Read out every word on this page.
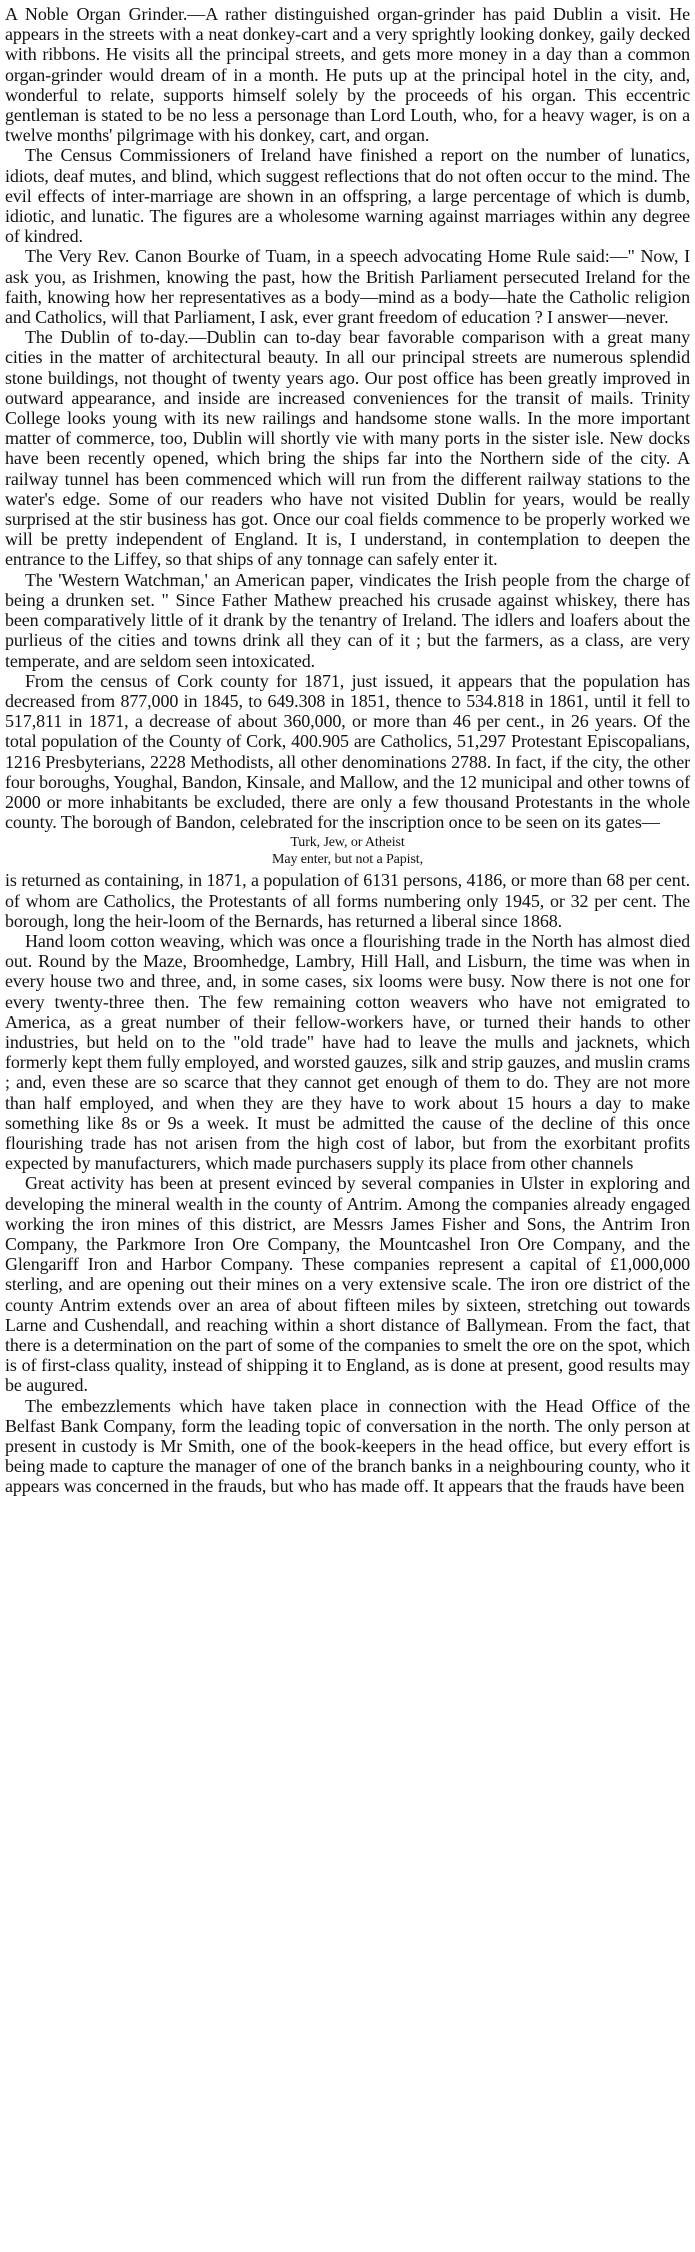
A Noble Organ Grinder.—A rather distinguished organ-grinder has paid Dublin a visit. He appears in the streets with a neat donkey-cart and a very sprightly looking donkey, gaily decked with ribbons. He visits all the principal streets, and gets more money in a day than a common organ-grinder would dream of in a month. He puts up at the principal hotel in the city, and, wonderful to relate, supports himself solely by the proceeds of his organ. This eccentric gentleman is stated to be no less a personage than Lord Louth, who, for a heavy wager, is on a twelve months' pilgrimage with his donkey, cart, and organ.

The Census Commissioners of Ireland have finished a report on the number of lunatics, idiots, deaf mutes, and blind, which suggest reflections that do not often occur to the mind. The evil effects of inter-marriage are shown in an offspring, a large percentage of which is dumb, idiotic, and lunatic. The figures are a wholesome warning against marriages within any degree of kindred.

The Very Rev. Canon Bourke of Tuam, in a speech advocating Home Rule said:—" Now, I ask you, as Irishmen, knowing the past, how the British Parliament persecuted Ireland for the faith, knowing how her representatives as a body—mind as a body—hate the Catholic religion and Catholics, will that Parliament, I ask, ever grant freedom of education ? I answer—never.

The Dublin of to-day.—Dublin can to-day bear favorable comparison with a great many cities in the matter of architectural beauty. In all our principal streets are numerous splendid stone buildings, not thought of twenty years ago. Our post office has been greatly improved in outward appearance, and inside are increased conveniences for the transit of mails. Trinity College looks young with its new railings and handsome stone walls. In the more important matter of commerce, too, Dublin will shortly vie with many ports in the sister isle. New docks have been recently opened, which bring the ships far into the Northern side of the city. A railway tunnel has been commenced which will run from the different railway stations to the water's edge. Some of our readers who have not visited Dublin for years, would be really surprised at the stir business has got. Once our coal fields commence to be properly worked we will be pretty independent of England. It is, I understand, in contemplation to deepen the entrance to the Liffey, so that ships of any tonnage can safely enter it.

The 'Western Watchman,' an American paper, vindicates the Irish people from the charge of being a drunken set. " Since Father Mathew preached his crusade against whiskey, there has been comparatively little of it drank by the tenantry of Ireland. The idlers and loafers about the purlieus of the cities and towns drink all they can of it ; but the farmers, as a class, are very temperate, and are seldom seen intoxicated.

From the census of Cork county for 1871, just issued, it appears that the population has decreased from 877,000 in 1845, to 649.308 in 1851, thence to 534.818 in 1861, until it fell to 517,811 in 1871, a decrease of about 360,000, or more than 46 per cent., in 26 years. Of the total population of the County of Cork, 400.905 are Catholics, 51,297 Protestant Episcopalians, 1216 Presbyterians, 2228 Methodists, all other denominations 2788. In fact, if the city, the other four boroughs, Youghal, Bandon, Kinsale, and Mallow, and the 12 municipal and other towns of 2000 or more inhabitants be excluded, there are only a few thousand Protestants in the whole county. The borough of Bandon, celebrated for the inscription once to be seen on its gates—

Turk, Jew, or Atheist
May enter, but not a Papist,

is returned as containing, in 1871, a population of 6131 persons, 4186, or more than 68 per cent. of whom are Catholics, the Protestants of all forms numbering only 1945, or 32 per cent. The borough, long the heir-loom of the Bernards, has returned a liberal since 1868.

Hand loom cotton weaving, which was once a flourishing trade in the North has almost died out. Round by the Maze, Broomhedge, Lambry, Hill Hall, and Lisburn, the time was when in every house two and three, and, in some cases, six looms were busy. Now there is not one for every twenty-three then. The few remaining cotton weavers who have not emigrated to America, as a great number of their fellow-workers have, or turned their hands to other industries, but held on to the "old trade" have had to leave the mulls and jacknets, which formerly kept them fully employed, and worsted gauzes, silk and strip gauzes, and muslin crams ; and, even these are so scarce that they cannot get enough of them to do. They are not more than half employed, and when they are they have to work about 15 hours a day to make something like 8s or 9s a week. It must be admitted the cause of the decline of this once flourishing trade has not arisen from the high cost of labor, but from the exorbitant profits expected by manufacturers, which made purchasers supply its place from other channels

Great activity has been at present evinced by several companies in Ulster in exploring and developing the mineral wealth in the county of Antrim. Among the companies already engaged working the iron mines of this district, are Messrs James Fisher and Sons, the Antrim Iron Company, the Parkmore Iron Ore Company, the Mountcashel Iron Ore Company, and the Glengariff Iron and Harbor Company. These companies represent a capital of £1,000,000 sterling, and are opening out their mines on a very extensive scale. The iron ore district of the county Antrim extends over an area of about fifteen miles by sixteen, stretching out towards Larne and Cushendall, and reaching within a short distance of Ballymean. From the fact, that there is a determination on the part of some of the companies to smelt the ore on the spot, which is of first-class quality, instead of shipping it to England, as is done at present, good results may be augured.

The embezzlements which have taken place in connection with the Head Office of the Belfast Bank Company, form the leading topic of conversation in the north. The only person at present in custody is Mr Smith, one of the book-keepers in the head office, but every effort is being made to capture the manager of one of the branch banks in a neighbouring county, who it appears was concerned in the frauds, but who has made off. It appears that the frauds have been
